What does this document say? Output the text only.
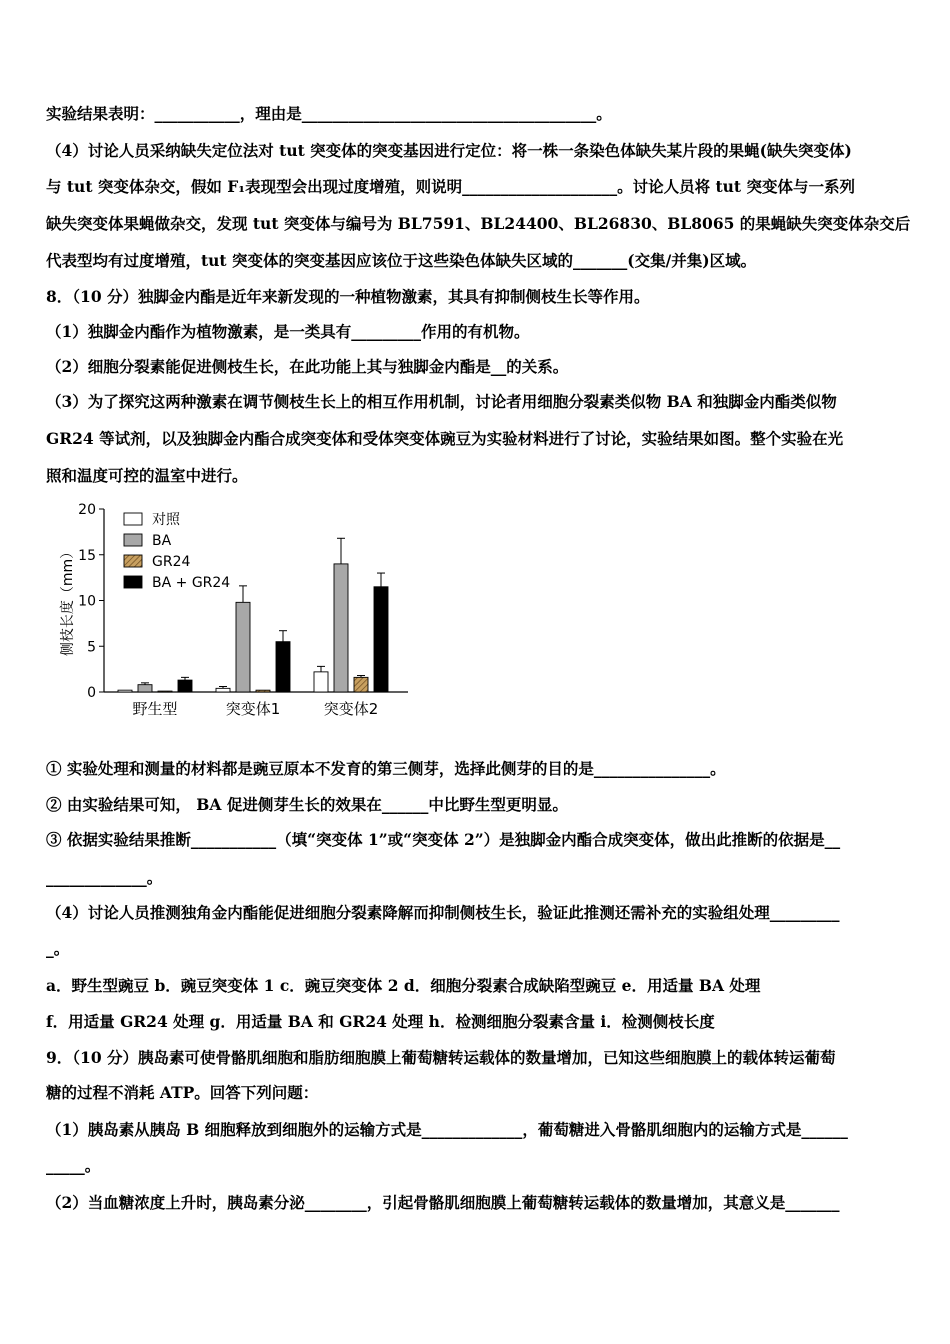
实验结果表明：___________，理由是______________________________________。
（4）讨论人员采纳缺失定位法对 tut 突变体的突变基因进行定位：将一株一条染色体缺失某片段的果蝇(缺失突变体)
与 tut 突变体杂交，假如 F₁表现型会出现过度增殖，则说明____________________。讨论人员将 tut 突变体与一系列
缺失突变体果蝇做杂交，发现 tut 突变体与编号为 BL7591、BL24400、BL26830、BL8065 的果蝇缺失突变体杂交后
代表型均有过度增殖，tut 突变体的突变基因应该位于这些染色体缺失区域的_______(交集/并集)区域。
8．（10 分）独脚金内酯是近年来新发现的一种植物激素，其具有抑制侧枝生长等作用。
（1）独脚金内酯作为植物激素，是一类具有_________作用的有机物。
（2）细胞分裂素能促进侧枝生长，在此功能上其与独脚金内酯是__的关系。
（3）为了探究这两种激素在调节侧枝生长上的相互作用机制，讨论者用细胞分裂素类似物 BA 和独脚金内酯类似物
GR24 等试剂，以及独脚金内酯合成突变体和受体突变体豌豆为实验材料进行了讨论，实验结果如图。整个实验在光
照和温度可控的温室中进行。
0
5
10
15
20
侧枝长度（mm）
野生型	突变体1	突变体2
对照
BA
GR24
BA + GR24
① 实验处理和测量的材料都是豌豆原本不发育的第三侧芽，选择此侧芽的目的是_______________。
② 由实验结果可知， BA 促进侧芽生长的效果在______中比野生型更明显。
③ 依据实验结果推断___________（填“突变体 1”或“突变体 2”）是独脚金内酯合成突变体，做出此推断的依据是__
_____________。
（4）讨论人员推测独角金内酯能促进细胞分裂素降解而抑制侧枝生长，验证此推测还需补充的实验组处理_________
_。
a．野生型豌豆 b．豌豆突变体 1 c．豌豆突变体 2 d．细胞分裂素合成缺陷型豌豆 e．用适量 BA 处理
f．用适量 GR24 处理 g．用适量 BA 和 GR24 处理 h．检测细胞分裂素含量 i．检测侧枝长度
9．（10 分）胰岛素可使骨骼肌细胞和脂肪细胞膜上葡萄糖转运载体的数量增加，已知这些细胞膜上的载体转运葡萄
糖的过程不消耗 ATP。回答下列问题：
（1）胰岛素从胰岛 B 细胞释放到细胞外的运输方式是_____________，葡萄糖进入骨骼肌细胞内的运输方式是______
_____。
（2）当血糖浓度上升时，胰岛素分泌________，引起骨骼肌细胞膜上葡萄糖转运载体的数量增加，其意义是_______
